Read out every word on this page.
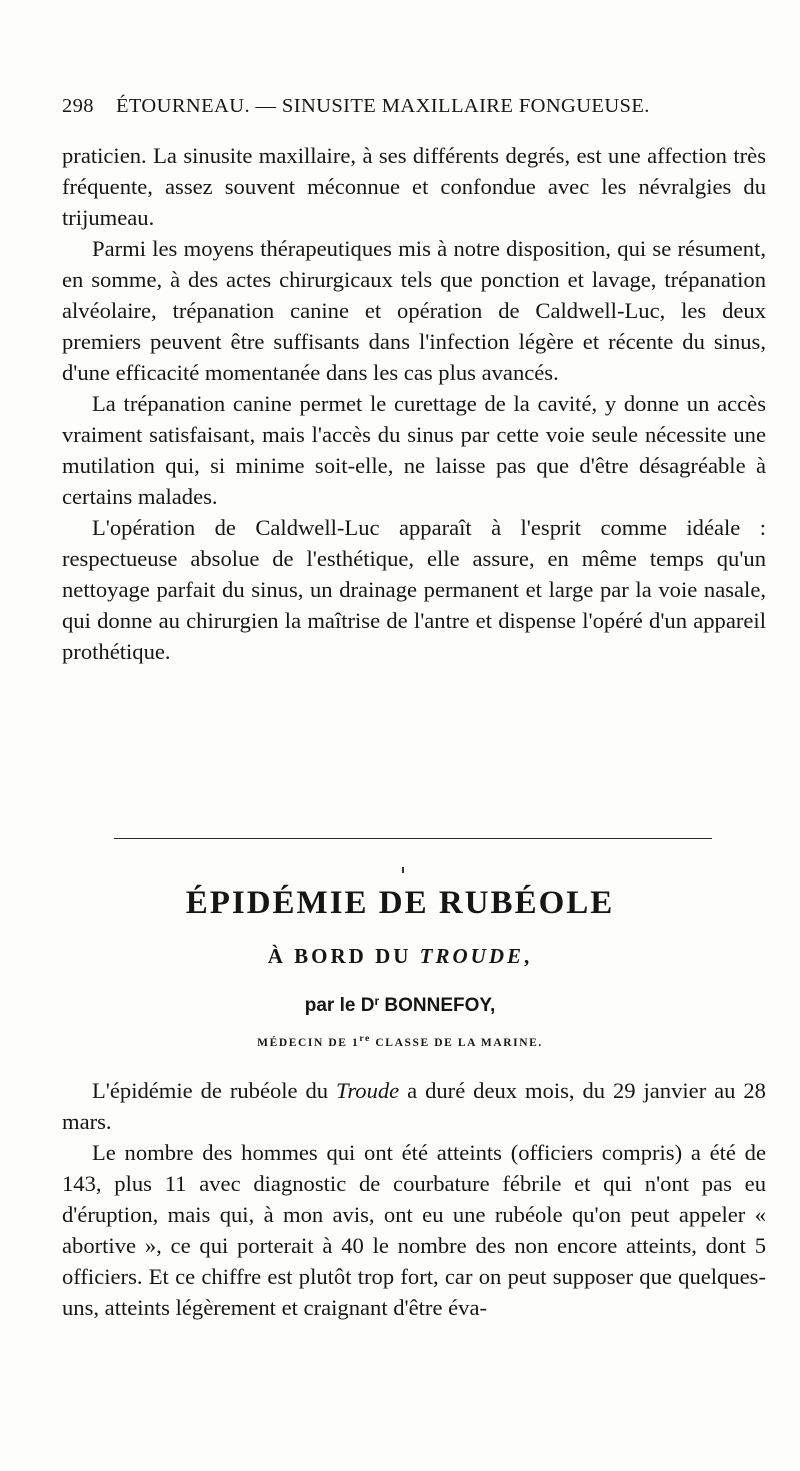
298 ÉTOURNEAU. — SINUSITE MAXILLAIRE FONGUEUSE.

praticien. La sinusite maxillaire, à ses différents degrés, est une affection très fréquente, assez souvent méconnue et confondue avec les névralgies du trijumeau.

Parmi les moyens thérapeutiques mis à notre disposition, qui se résument, en somme, à des actes chirurgicaux tels que ponction et lavage, trépanation alvéolaire, trépanation canine et opération de Caldwell-Luc, les deux premiers peuvent être suffisants dans l'infection légère et récente du sinus, d'une efficacité momentanée dans les cas plus avancés.

La trépanation canine permet le curettage de la cavité, y donne un accès vraiment satisfaisant, mais l'accès du sinus par cette voie seule nécessite une mutilation qui, si minime soit-elle, ne laisse pas que d'être désagréable à certains malades.

L'opération de Caldwell-Luc apparaît à l'esprit comme idéale : respectueuse absolue de l'esthétique, elle assure, en même temps qu'un nettoyage parfait du sinus, un drainage permanent et large par la voie nasale, qui donne au chirurgien la maîtrise de l'antre et dispense l'opéré d'un appareil prothétique.

ÉPIDÉMIE DE RUBÉOLE
À BORD DU TROUDE,
par le $D^r$ BONNEFOY,
MÉDECIN DE 1re CLASSE DE LA MARINE.

L'épidémie de rubéole du Troude a duré deux mois, du 29 janvier au 28 mars.

Le nombre des hommes qui ont été atteints (officiers compris) a été de 143, plus 11 avec diagnostic de courbature fébrile et qui n'ont pas eu d'éruption, mais qui, à mon avis, ont eu une rubéole qu'on peut appeler « abortive », ce qui porterait à 40 le nombre des non encore atteints, dont 5 officiers. Et ce chiffre est plutôt trop fort, car on peut supposer que quelques-uns, atteints légèrement et craignant d'être éva-
